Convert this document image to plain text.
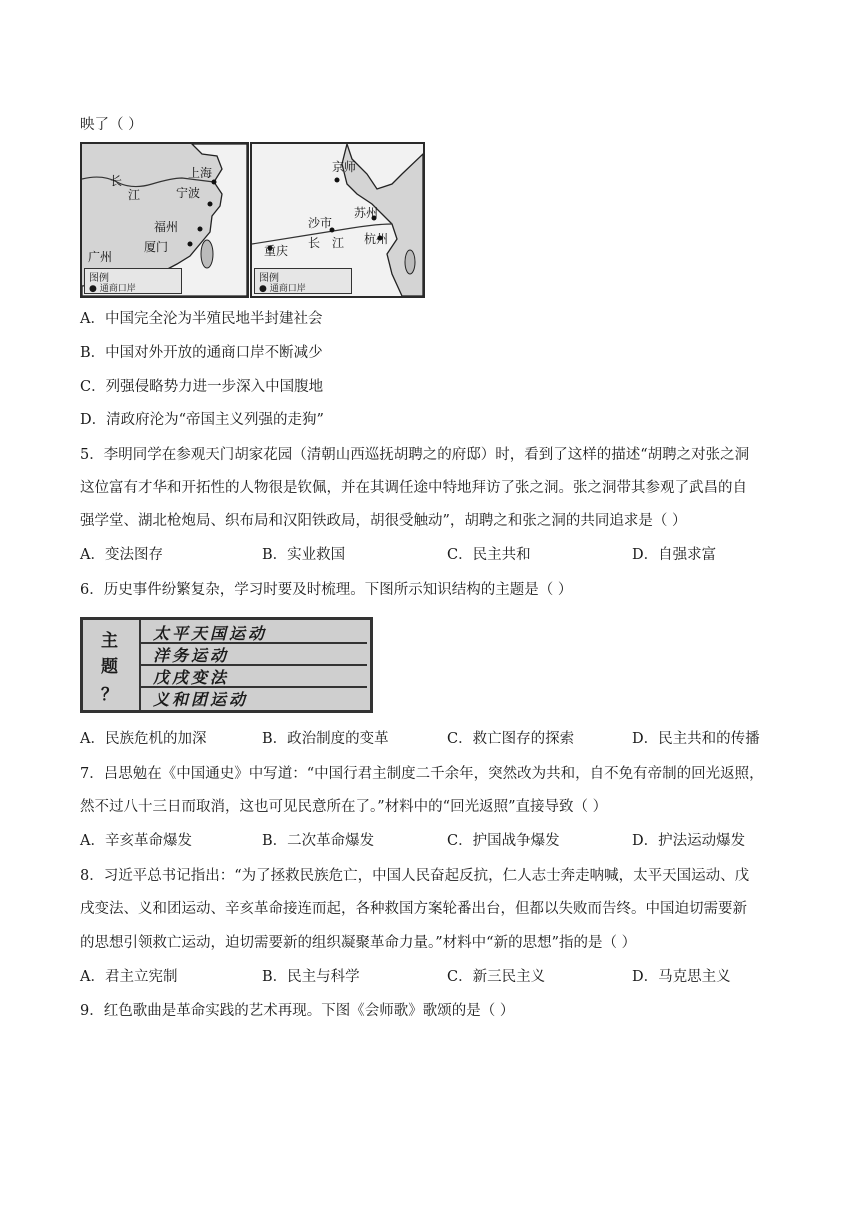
映了（ ）
上海
长
江	宁波
福州
厦门
广州
图例
● 通商口岸
京师
苏州
沙市
长 江 杭州
重庆
图例
● 通商口岸
A．中国完全沦为半殖民地半封建社会
B．中国对外开放的通商口岸不断减少
C．列强侵略势力进一步深入中国腹地
D．清政府沦为“帝国主义列强的走狗”
5．李明同学在参观天门胡家花园（清朝山西巡抚胡聘之的府邸）时，看到了这样的描述“胡聘之对张之洞
这位富有才华和开拓性的人物很是钦佩，并在其调任途中特地拜访了张之洞。张之洞带其参观了武昌的自
强学堂、湖北枪炮局、织布局和汉阳铁政局，胡很受触动”，胡聘之和张之洞的共同追求是（ ）
A．变法图存	B．实业救国	C．民主共和	D．自强求富
6．历史事件纷繁复杂，学习时要及时梳理。下图所示知识结构的主题是（ ）
主
题
？
太平天国运动
洋务运动
戊戌变法
义和团运动
A．民族危机的加深	B．政治制度的变革	C．救亡图存的探索	D．民主共和的传播
7．吕思勉在《中国通史》中写道：“中国行君主制度二千余年，突然改为共和，自不免有帝制的回光返照，
然不过八十三日而取消，这也可见民意所在了。”材料中的“回光返照”直接导致（ ）
A．辛亥革命爆发	B．二次革命爆发	C．护国战争爆发	D．护法运动爆发
8．习近平总书记指出：“为了拯救民族危亡，中国人民奋起反抗，仁人志士奔走呐喊，太平天国运动、戊
戌变法、义和团运动、辛亥革命接连而起，各种救国方案轮番出台，但都以失败而告终。中国迫切需要新
的思想引领救亡运动，迫切需要新的组织凝聚革命力量。”材料中“新的思想”指的是（ ）
A．君主立宪制	B．民主与科学	C．新三民主义	D．马克思主义
9．红色歌曲是革命实践的艺术再现。下图《会师歌》歌颂的是（ ）
